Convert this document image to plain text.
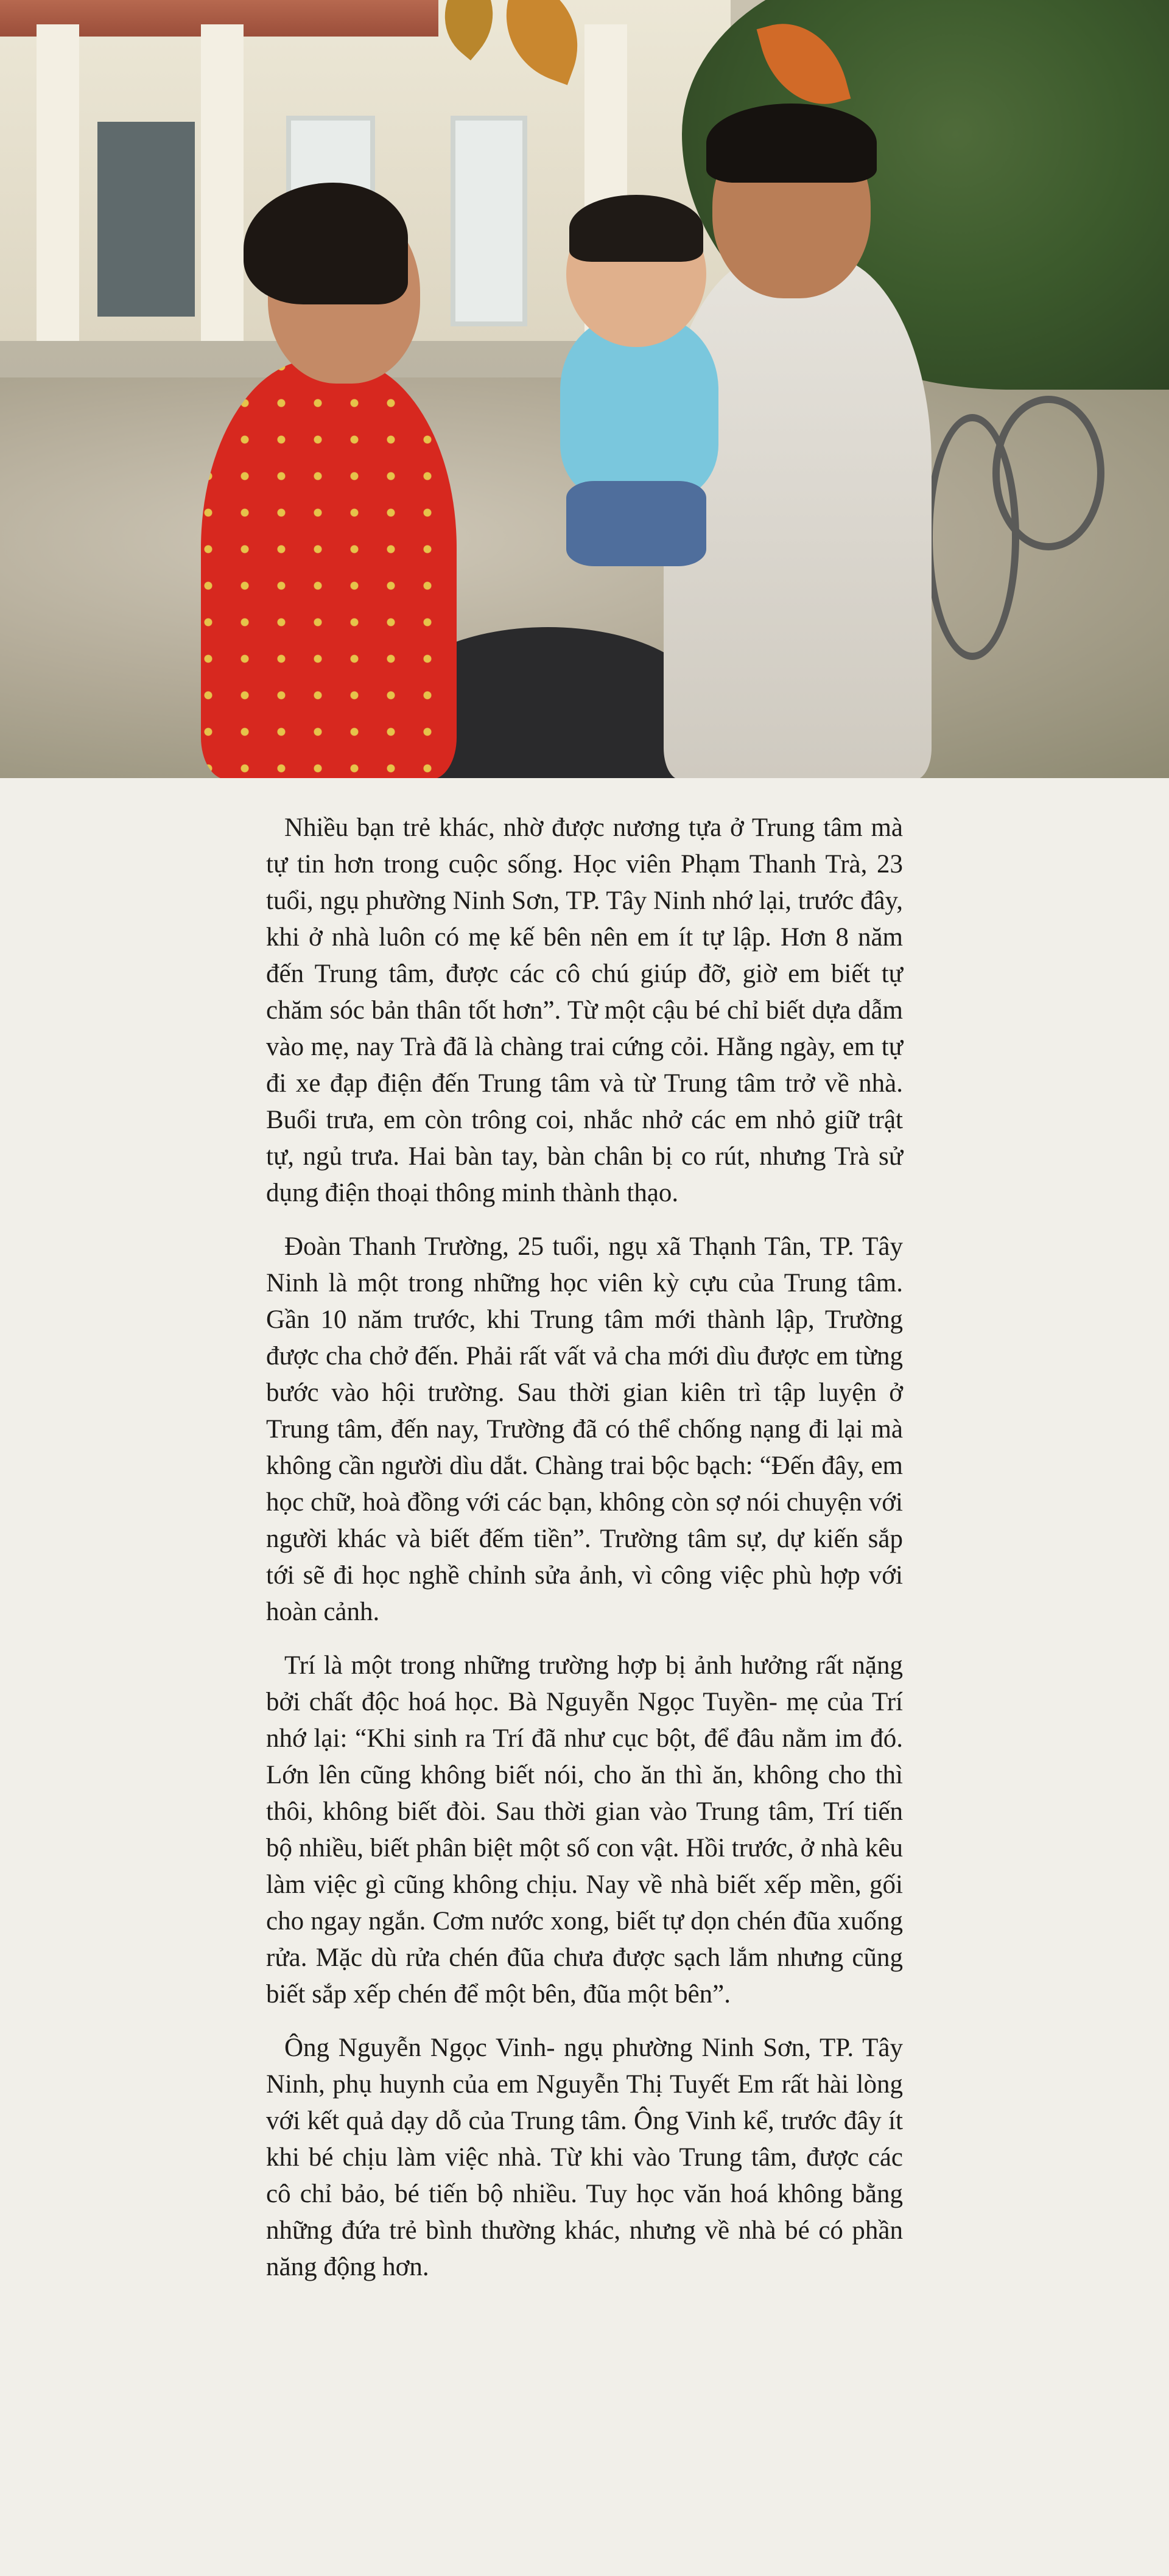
Nhiều bạn trẻ khác, nhờ được nương tựa ở Trung tâm mà tự tin hơn trong cuộc sống. Học viên Phạm Thanh Trà, 23 tuổi, ngụ phường Ninh Sơn, TP. Tây Ninh nhớ lại, trước đây, khi ở nhà luôn có mẹ kế bên nên em ít tự lập. Hơn 8 năm đến Trung tâm, được các cô chú giúp đỡ, giờ em biết tự chăm sóc bản thân tốt hơn”. Từ một cậu bé chỉ biết dựa dẫm vào mẹ, nay Trà đã là chàng trai cứng cỏi. Hằng ngày, em tự đi xe đạp điện đến Trung tâm và từ Trung tâm trở về nhà. Buổi trưa, em còn trông coi, nhắc nhở các em nhỏ giữ trật tự, ngủ trưa. Hai bàn tay, bàn chân bị co rút, nhưng Trà sử dụng điện thoại thông minh thành thạo.

Đoàn Thanh Trường, 25 tuổi, ngụ xã Thạnh Tân, TP. Tây Ninh là một trong những học viên kỳ cựu của Trung tâm. Gần 10 năm trước, khi Trung tâm mới thành lập, Trường được cha chở đến. Phải rất vất vả cha mới dìu được em từng bước vào hội trường. Sau thời gian kiên trì tập luyện ở Trung tâm, đến nay, Trường đã có thể chống nạng đi lại mà không cần người dìu dắt. Chàng trai bộc bạch: “Đến đây, em học chữ, hoà đồng với các bạn, không còn sợ nói chuyện với người khác và biết đếm tiền”. Trường tâm sự, dự kiến sắp tới sẽ đi học nghề chỉnh sửa ảnh, vì công việc phù hợp với hoàn cảnh.

Trí là một trong những trường hợp bị ảnh hưởng rất nặng bởi chất độc hoá học. Bà Nguyễn Ngọc Tuyền- mẹ của Trí nhớ lại: “Khi sinh ra Trí đã như cục bột, để đâu nằm im đó. Lớn lên cũng không biết nói, cho ăn thì ăn, không cho thì thôi, không biết đòi. Sau thời gian vào Trung tâm, Trí tiến bộ nhiều, biết phân biệt một số con vật. Hồi trước, ở nhà kêu làm việc gì cũng không chịu. Nay về nhà biết xếp mền, gối cho ngay ngắn. Cơm nước xong, biết tự dọn chén đũa xuống rửa. Mặc dù rửa chén đũa chưa được sạch lắm nhưng cũng biết sắp xếp chén để một bên, đũa một bên”.

Ông Nguyễn Ngọc Vinh- ngụ phường Ninh Sơn, TP. Tây Ninh, phụ huynh của em Nguyễn Thị Tuyết Em rất hài lòng với kết quả dạy dỗ của Trung tâm. Ông Vinh kể, trước đây ít khi bé chịu làm việc nhà. Từ khi vào Trung tâm, được các cô chỉ bảo, bé tiến bộ nhiều. Tuy học văn hoá không bằng những đứa trẻ bình thường khác, nhưng về nhà bé có phần năng động hơn.
